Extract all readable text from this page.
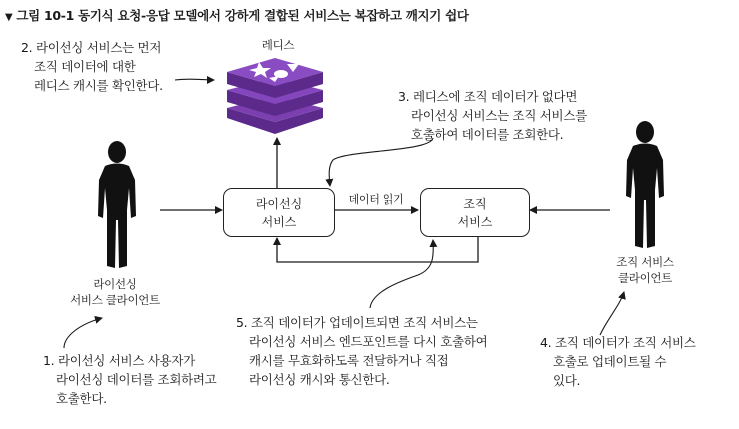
▼ 그림 10-1 동기식 요청-응답 모델에서 강하게 결합된 서비스는 복잡하고 깨지기 쉽다
레디스
라이선싱
서비스
조직
서비스
데이터 읽기
라이선싱
서비스 클라이언트
조직 서비스
클라이언트
2. 라이선싱 서비스는 먼저
조직 데이터에 대한
레디스 캐시를 확인한다.
3. 레디스에 조직 데이터가 없다면
라이선싱 서비스는 조직 서비스를
호출하여 데이터를 조회한다.
5. 조직 데이터가 업데이트되면 조직 서비스는
라이선싱 서비스 엔드포인트를 다시 호출하여
캐시를 무효화하도록 전달하거나 직접
라이선싱 캐시와 통신한다.
1. 라이선싱 서비스 사용자가
라이선싱 데이터를 조회하려고
호출한다.
4. 조직 데이터가 조직 서비스
호출로 업데이트될 수
있다.
